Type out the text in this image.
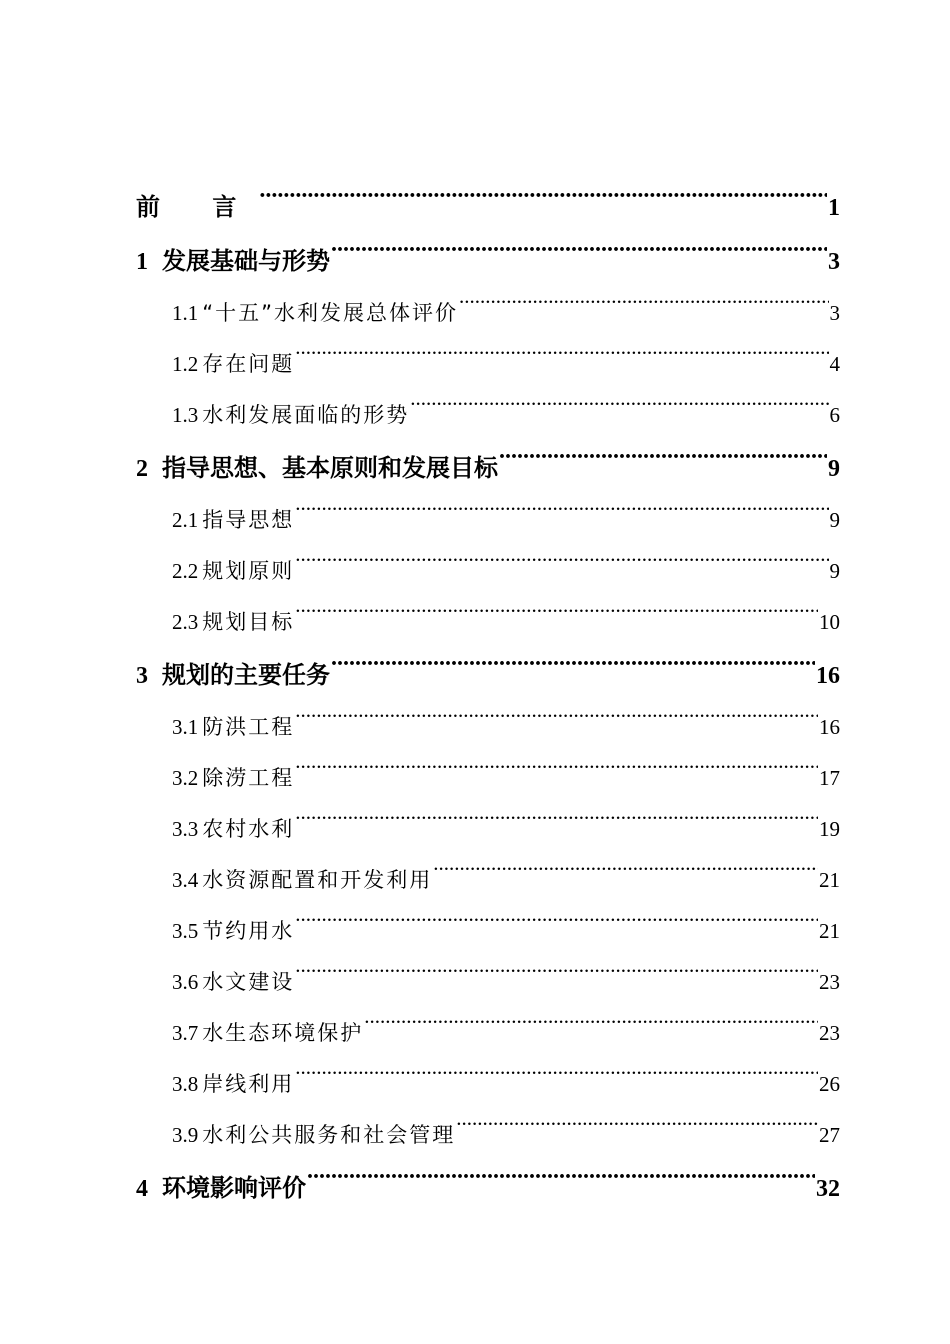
前 言 .....	1
1 发展基础与形势 .....	3
1.1 “十五”水利发展总体评价 .....	3
1.2 存在问题 .....	4
1.3 水利发展面临的形势 .....	6
2 指导思想、基本原则和发展目标 .....	9
2.1 指导思想 .....	9
2.2 规划原则 .....	9
2.3 规划目标 .....	10
3 规划的主要任务 .....	16
3.1 防洪工程 .....	16
3.2 除涝工程 .....	17
3.3 农村水利 .....	19
3.4 水资源配置和开发利用 .....	21
3.5 节约用水 .....	21
3.6 水文建设 .....	23
3.7 水生态环境保护 .....	23
3.8 岸线利用 .....	26
3.9 水利公共服务和社会管理 .....	27
4 环境影响评价 .....	32
